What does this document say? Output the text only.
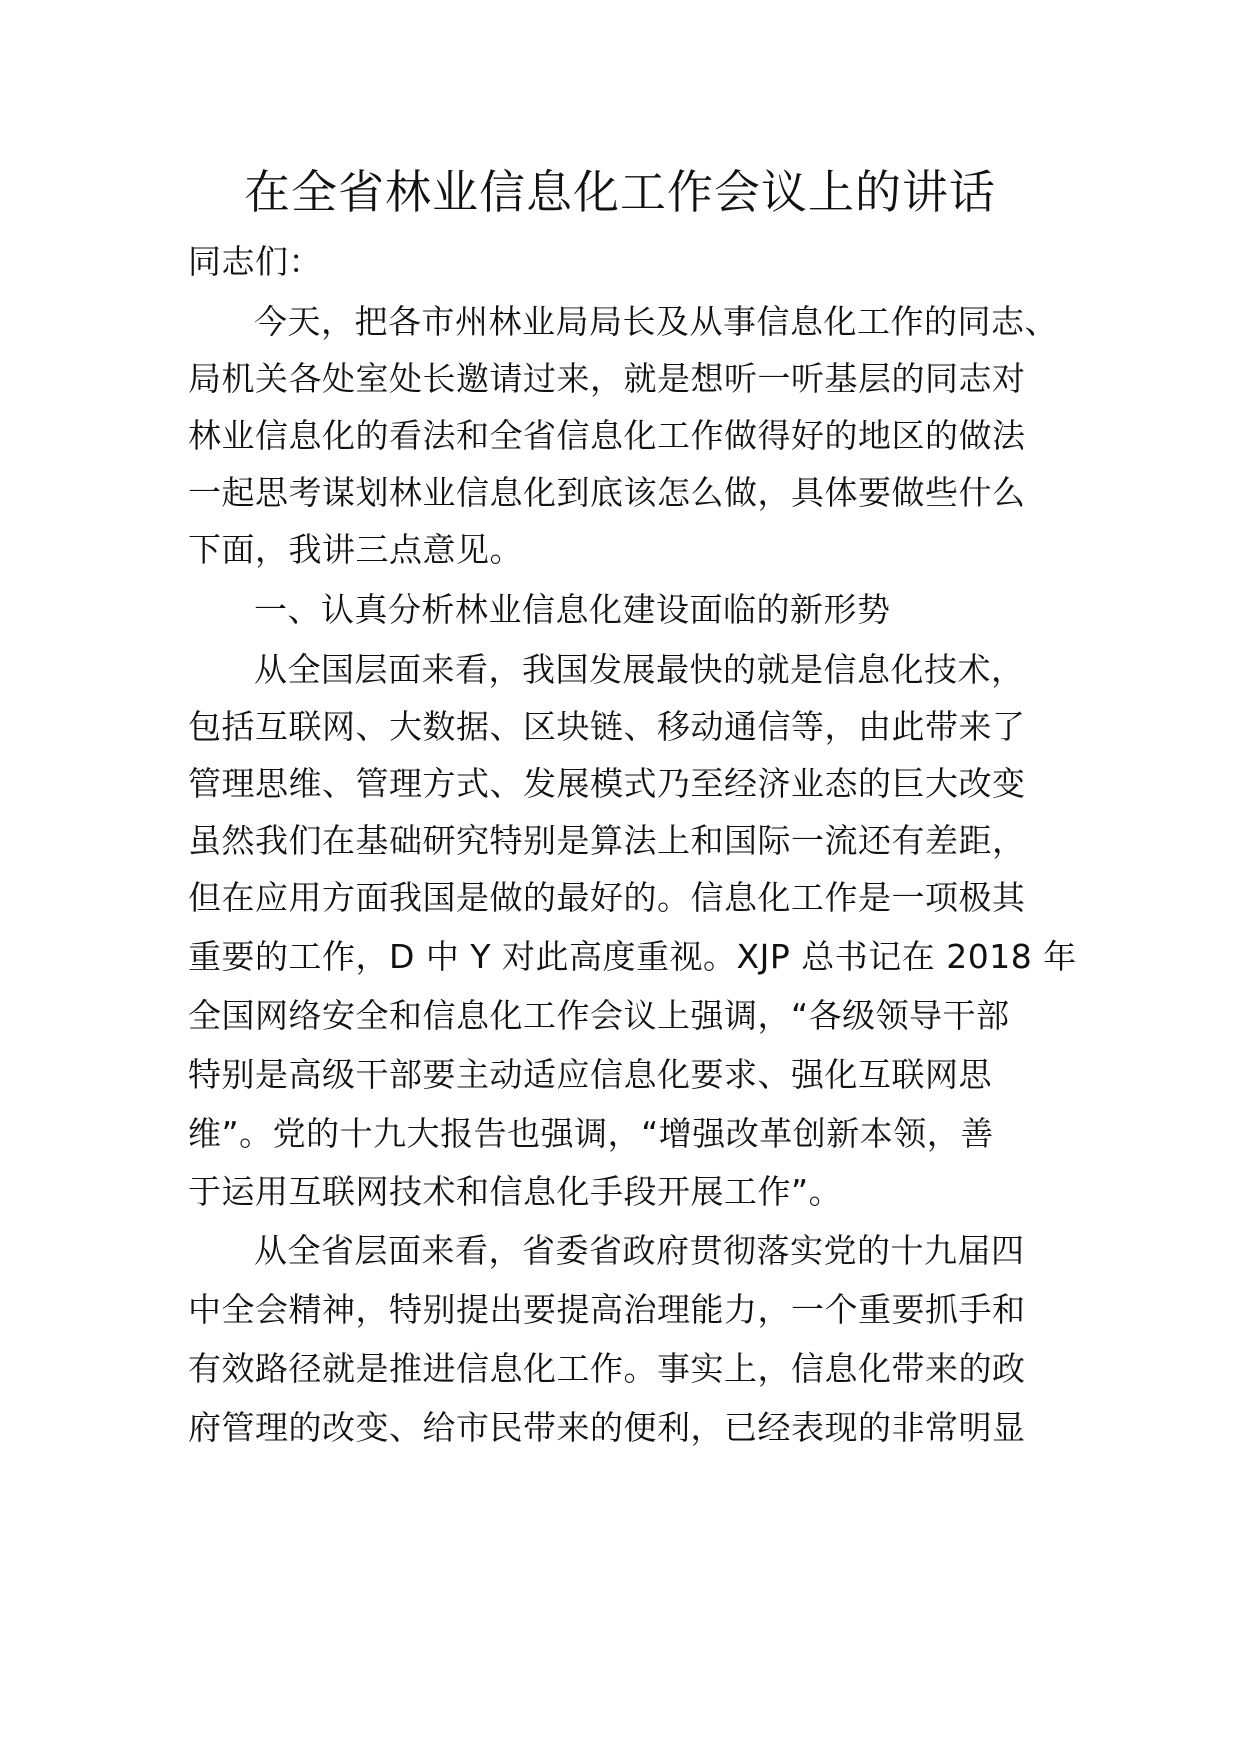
在全省林业信息化工作会议上的讲话
同志们：
今天，把各市州林业局局长及从事信息化工作的同志、
局机关各处室处长邀请过来，就是想听一听基层的同志对
林业信息化的看法和全省信息化工作做得好的地区的做法
一起思考谋划林业信息化到底该怎么做，具体要做些什么
下面，我讲三点意见。
一、认真分析林业信息化建设面临的新形势
从全国层面来看，我国发展最快的就是信息化技术，
包括互联网、大数据、区块链、移动通信等，由此带来了
管理思维、管理方式、发展模式乃至经济业态的巨大改变
虽然我们在基础研究特别是算法上和国际一流还有差距，
但在应用方面我国是做的最好的。信息化工作是一项极其
重要的工作，D 中 Y 对此高度重视。XJP 总书记在 2018 年
全国网络安全和信息化工作会议上强调，“各级领导干部
特别是高级干部要主动适应信息化要求、强化互联网思
维”。党的十九大报告也强调，“增强改革创新本领，善
于运用互联网技术和信息化手段开展工作”。
从全省层面来看，省委省政府贯彻落实党的十九届四
中全会精神，特别提出要提高治理能力，一个重要抓手和
有效路径就是推进信息化工作。事实上，信息化带来的政
府管理的改变、给市民带来的便利，已经表现的非常明显
